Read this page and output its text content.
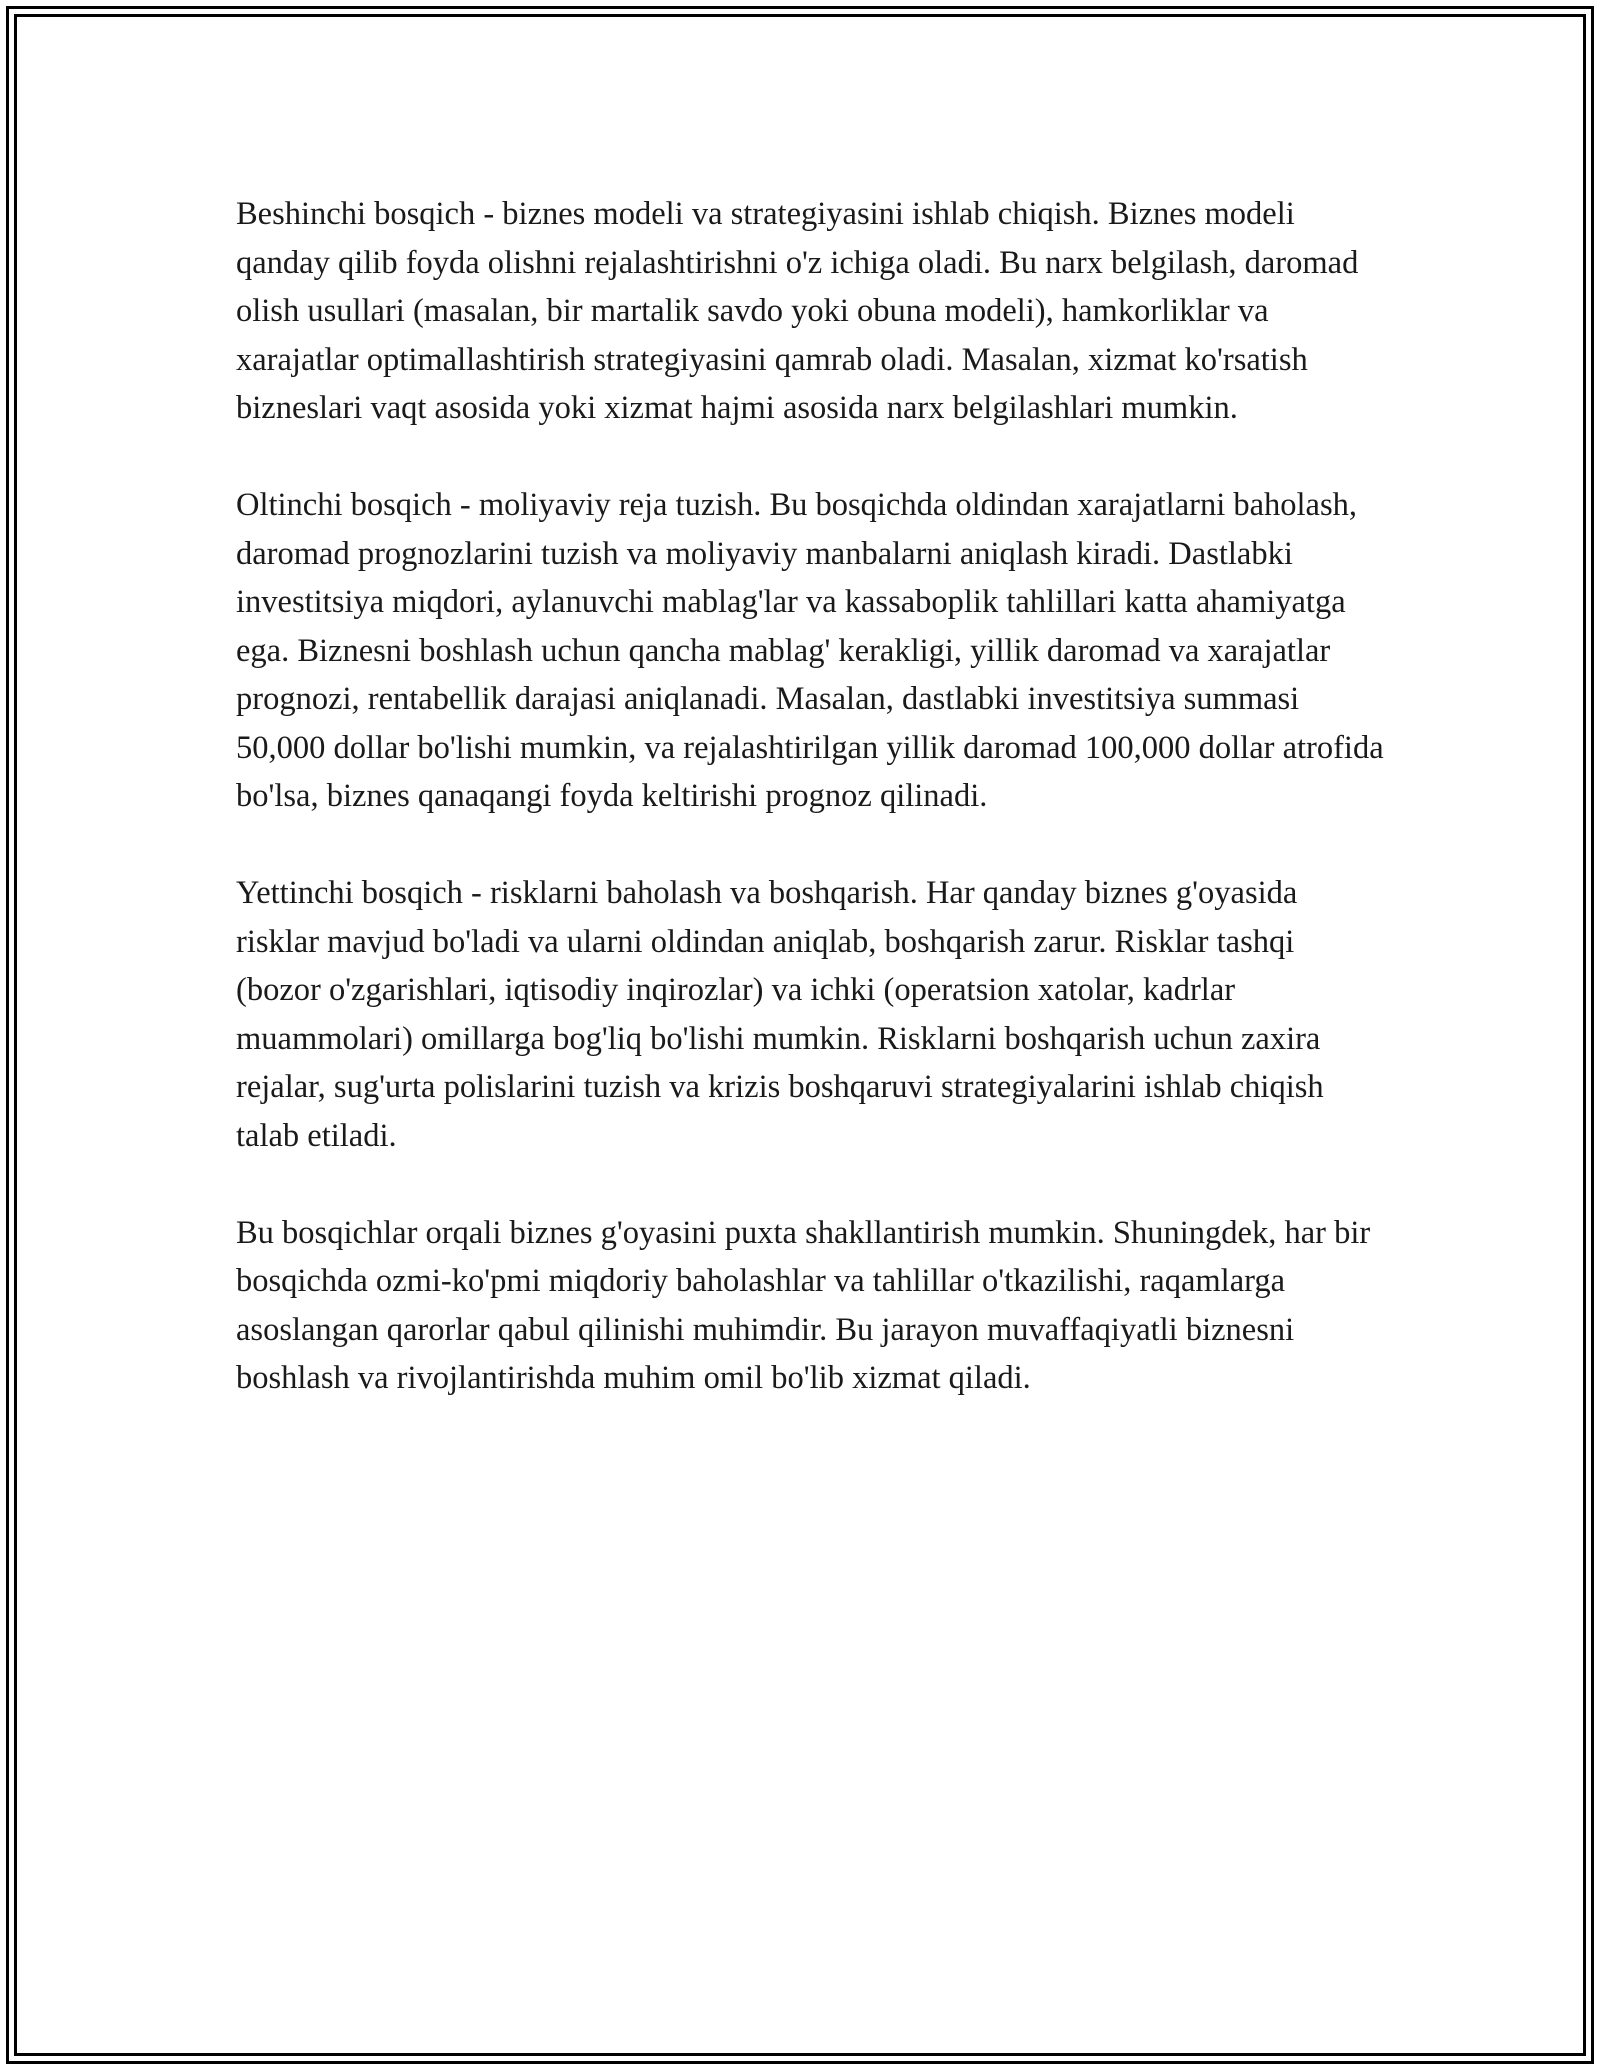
Beshinchi bosqich - biznes modeli va strategiyasini ishlab chiqish. Biznes modeli qanday qilib foyda olishni rejalashtirishni o'z ichiga oladi. Bu narx belgilash, daromad olish usullari (masalan, bir martalik savdo yoki obuna modeli), hamkorliklar va xarajatlar optimallashtirish strategiyasini qamrab oladi. Masalan, xizmat ko'rsatish bizneslari vaqt asosida yoki xizmat hajmi asosida narx belgilashlari mumkin.

Oltinchi bosqich - moliyaviy reja tuzish. Bu bosqichda oldindan xarajatlarni baholash, daromad prognozlarini tuzish va moliyaviy manbalarni aniqlash kiradi. Dastlabki investitsiya miqdori, aylanuvchi mablag'lar va kassaboplik tahlillari katta ahamiyatga ega. Biznesni boshlash uchun qancha mablag' kerakligi, yillik daromad va xarajatlar prognozi, rentabellik darajasi aniqlanadi. Masalan, dastlabki investitsiya summasi 50,000 dollar bo'lishi mumkin, va rejalashtirilgan yillik daromad 100,000 dollar atrofida bo'lsa, biznes qanaqangi foyda keltirishi prognoz qilinadi.

Yettinchi bosqich - risklarni baholash va boshqarish. Har qanday biznes g'oyasida risklar mavjud bo'ladi va ularni oldindan aniqlab, boshqarish zarur. Risklar tashqi (bozor o'zgarishlari, iqtisodiy inqirozlar) va ichki (operatsion xatolar, kadrlar muammolari) omillarga bog'liq bo'lishi mumkin. Risklarni boshqarish uchun zaxira rejalar, sug'urta polislarini tuzish va krizis boshqaruvi strategiyalarini ishlab chiqish talab etiladi.

Bu bosqichlar orqali biznes g'oyasini puxta shakllantirish mumkin. Shuningdek, har bir bosqichda ozmi-ko'pmi miqdoriy baholashlar va tahlillar o'tkazilishi, raqamlarga asoslangan qarorlar qabul qilinishi muhimdir. Bu jarayon muvaffaqiyatli biznesni boshlash va rivojlantirishda muhim omil bo'lib xizmat qiladi.
